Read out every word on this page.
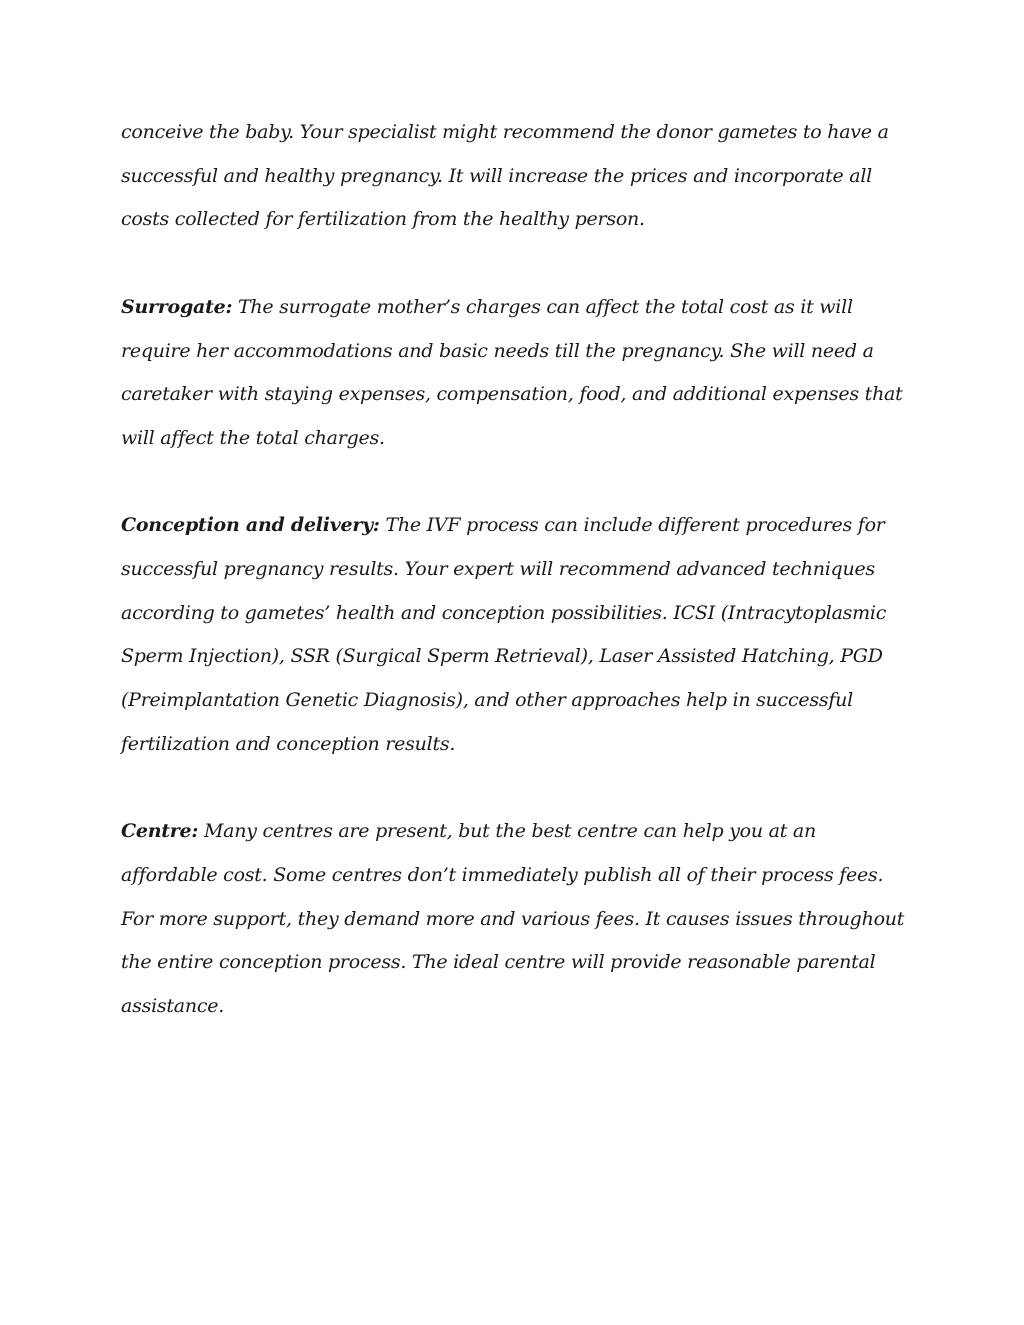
conceive the baby. Your specialist might recommend the donor gametes to have a successful and healthy pregnancy. It will increase the prices and incorporate all costs collected for fertilization from the healthy person.

Surrogate: The surrogate mother’s charges can affect the total cost as it will require her accommodations and basic needs till the pregnancy. She will need a caretaker with staying expenses, compensation, food, and additional expenses that will affect the total charges.

Conception and delivery: The IVF process can include different procedures for successful pregnancy results. Your expert will recommend advanced techniques according to gametes’ health and conception possibilities. ICSI (Intracytoplasmic Sperm Injection), SSR (Surgical Sperm Retrieval), Laser Assisted Hatching, PGD (Preimplantation Genetic Diagnosis), and other approaches help in successful fertilization and conception results.

Centre: Many centres are present, but the best centre can help you at an affordable cost. Some centres don’t immediately publish all of their process fees. For more support, they demand more and various fees. It causes issues throughout the entire conception process. The ideal centre will provide reasonable parental assistance.
